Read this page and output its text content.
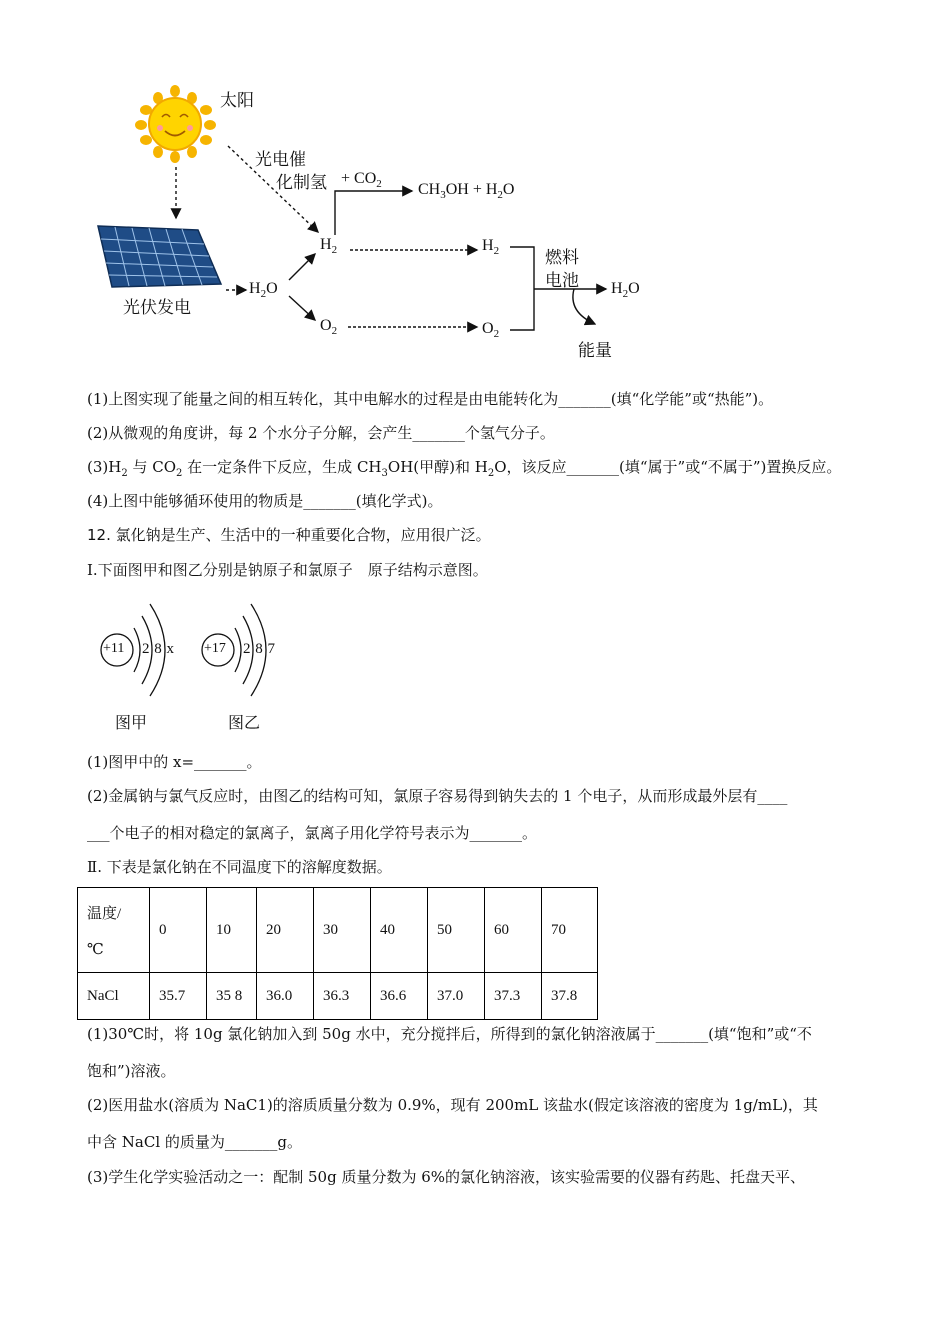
太阳
光电催
化制氢
光伏发电
$H_2O$
$H_2$
$O_2$
+ $CO_2$ $CH_3OH + H_2O$
$H_2$
$O_2$
燃料
电池 $H_2O$
能量
(1)上图实现了能量之间的相互转化，其中电解水的过程是由电能转化为_______(填“化学能”或“热能”)。
(2)从微观的角度讲，每 2 个水分子分解，会产生_______个氢气分子。
$(3)H_2$ 与 $CO_2$ 在一定条件下反应，生成 $CH_3OH$(甲醇)和 $H_2O$，该反应_______(填“属于”或“不属于”)置换反应。
(4)上图中能够循环使用的物质是_______(填化学式)。
12. 氯化钠是生产、生活中的一种重要化合物，应用很广泛。
Ⅰ.下面图甲和图乙分别是钠原子和氯原子　原子结构示意图。
+11 2 8 x
图甲
+17 2 8 7
图乙
(1)图甲中的 x=_______。
(2)金属钠与氯气反应时，由图乙的结构可知，氯原子容易得到钠失去的 1 个电子，从而形成最外层有____
___个电子的相对稳定的氯离子，氯离子用化学符号表示为_______。
Ⅱ. 下表是氯化钠在不同温度下的溶解度数据。
温度/

℃	0	10	20	30	40	50	60	70
NaCl	35.7	35 8	36.0	36.3	36.6	37.0	37.3	37.8
(1)30℃时，将 10g 氯化钠加入到 50g 水中，充分搅拌后，所得到的氯化钠溶液属于_______(填“饱和”或“不
饱和”)溶液。
(2)医用盐水(溶质为 NaC1)的溶质质量分数为 0.9%，现有 200mL 该盐水(假定该溶液的密度为 1g/mL)，其
中含 NaCl 的质量为_______g。
(3)学生化学实验活动之一：配制 50g 质量分数为 6%的氯化钠溶液，该实验需要的仪器有药匙、托盘天平、
